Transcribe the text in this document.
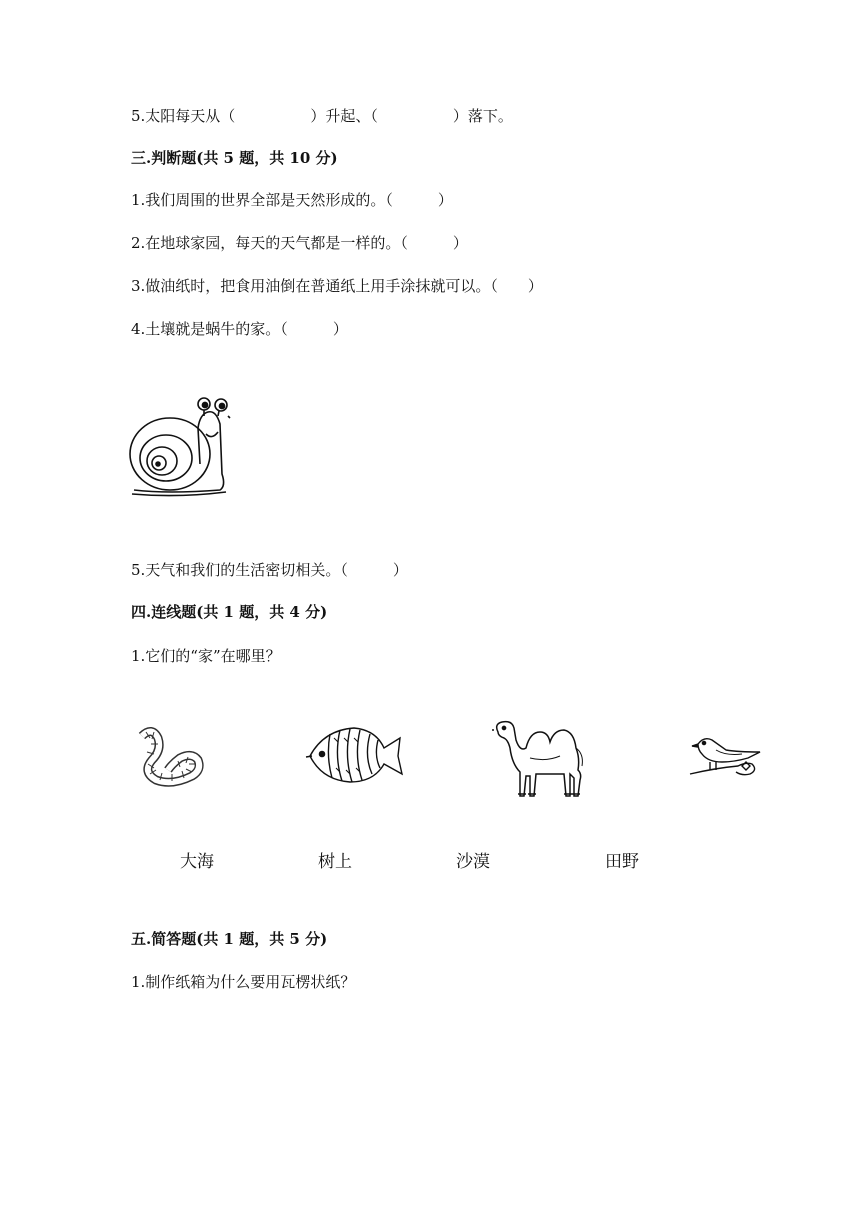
5.太阳每天从（　　　　　）升起、（　　　　　）落下。
三.判断题(共 5 题，共 10 分)
1.我们周围的世界全部是天然形成的。（　　　）
2.在地球家园，每天的天气都是一样的。（　　　）
3.做油纸时，把食用油倒在普通纸上用手涂抹就可以。（　　）
4.土壤就是蜗牛的家。（　　　）
5.天气和我们的生活密切相关。（　　　）
四.连线题(共 1 题，共 4 分)
1.它们的“家”在哪里？
大海	树上	沙漠	田野
五.简答题(共 1 题，共 5 分)
1.制作纸箱为什么要用瓦楞状纸？
